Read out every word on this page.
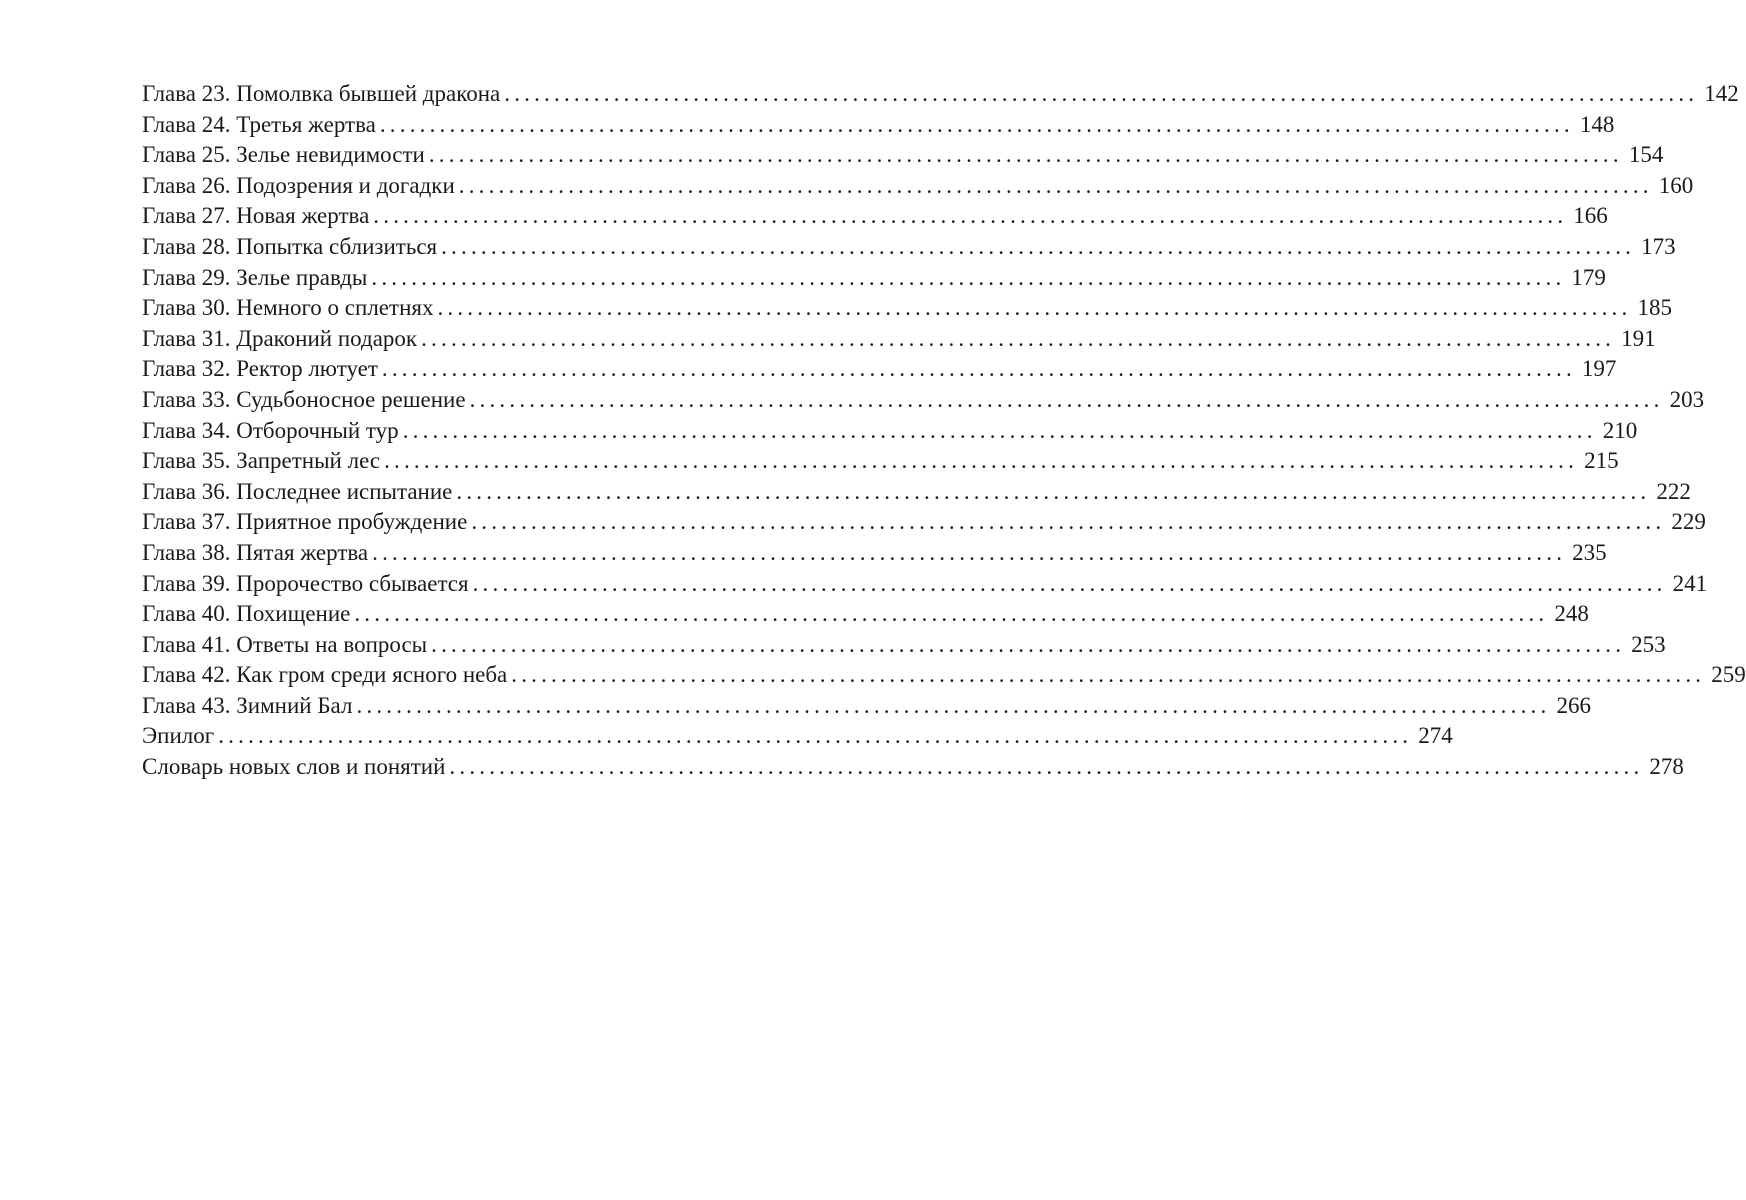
Глава 23. Помолвка бывшей дракона ........................................................................................................................ 142
Глава 24. Третья жертва ........................................................................................................................ 148
Глава 25. Зелье невидимости ........................................................................................................................ 154
Глава 26. Подозрения и догадки ........................................................................................................................ 160
Глава 27. Новая жертва ........................................................................................................................ 166
Глава 28. Попытка сблизиться ........................................................................................................................ 173
Глава 29. Зелье правды ........................................................................................................................ 179
Глава 30. Немного о сплетнях ........................................................................................................................ 185
Глава 31. Драконий подарок ........................................................................................................................ 191
Глава 32. Ректор лютует ........................................................................................................................ 197
Глава 33. Судьбоносное решение ........................................................................................................................ 203
Глава 34. Отборочный тур ........................................................................................................................ 210
Глава 35. Запретный лес ........................................................................................................................ 215
Глава 36. Последнее испытание ........................................................................................................................ 222
Глава 37. Приятное пробуждение ........................................................................................................................ 229
Глава 38. Пятая жертва ........................................................................................................................ 235
Глава 39. Пророчество сбывается ........................................................................................................................ 241
Глава 40. Похищение ........................................................................................................................ 248
Глава 41. Ответы на вопросы ........................................................................................................................ 253
Глава 42. Как гром среди ясного неба ........................................................................................................................ 259
Глава 43. Зимний Бал ........................................................................................................................ 266
Эпилог ........................................................................................................................ 274
Словарь новых слов и понятий ........................................................................................................................ 278
